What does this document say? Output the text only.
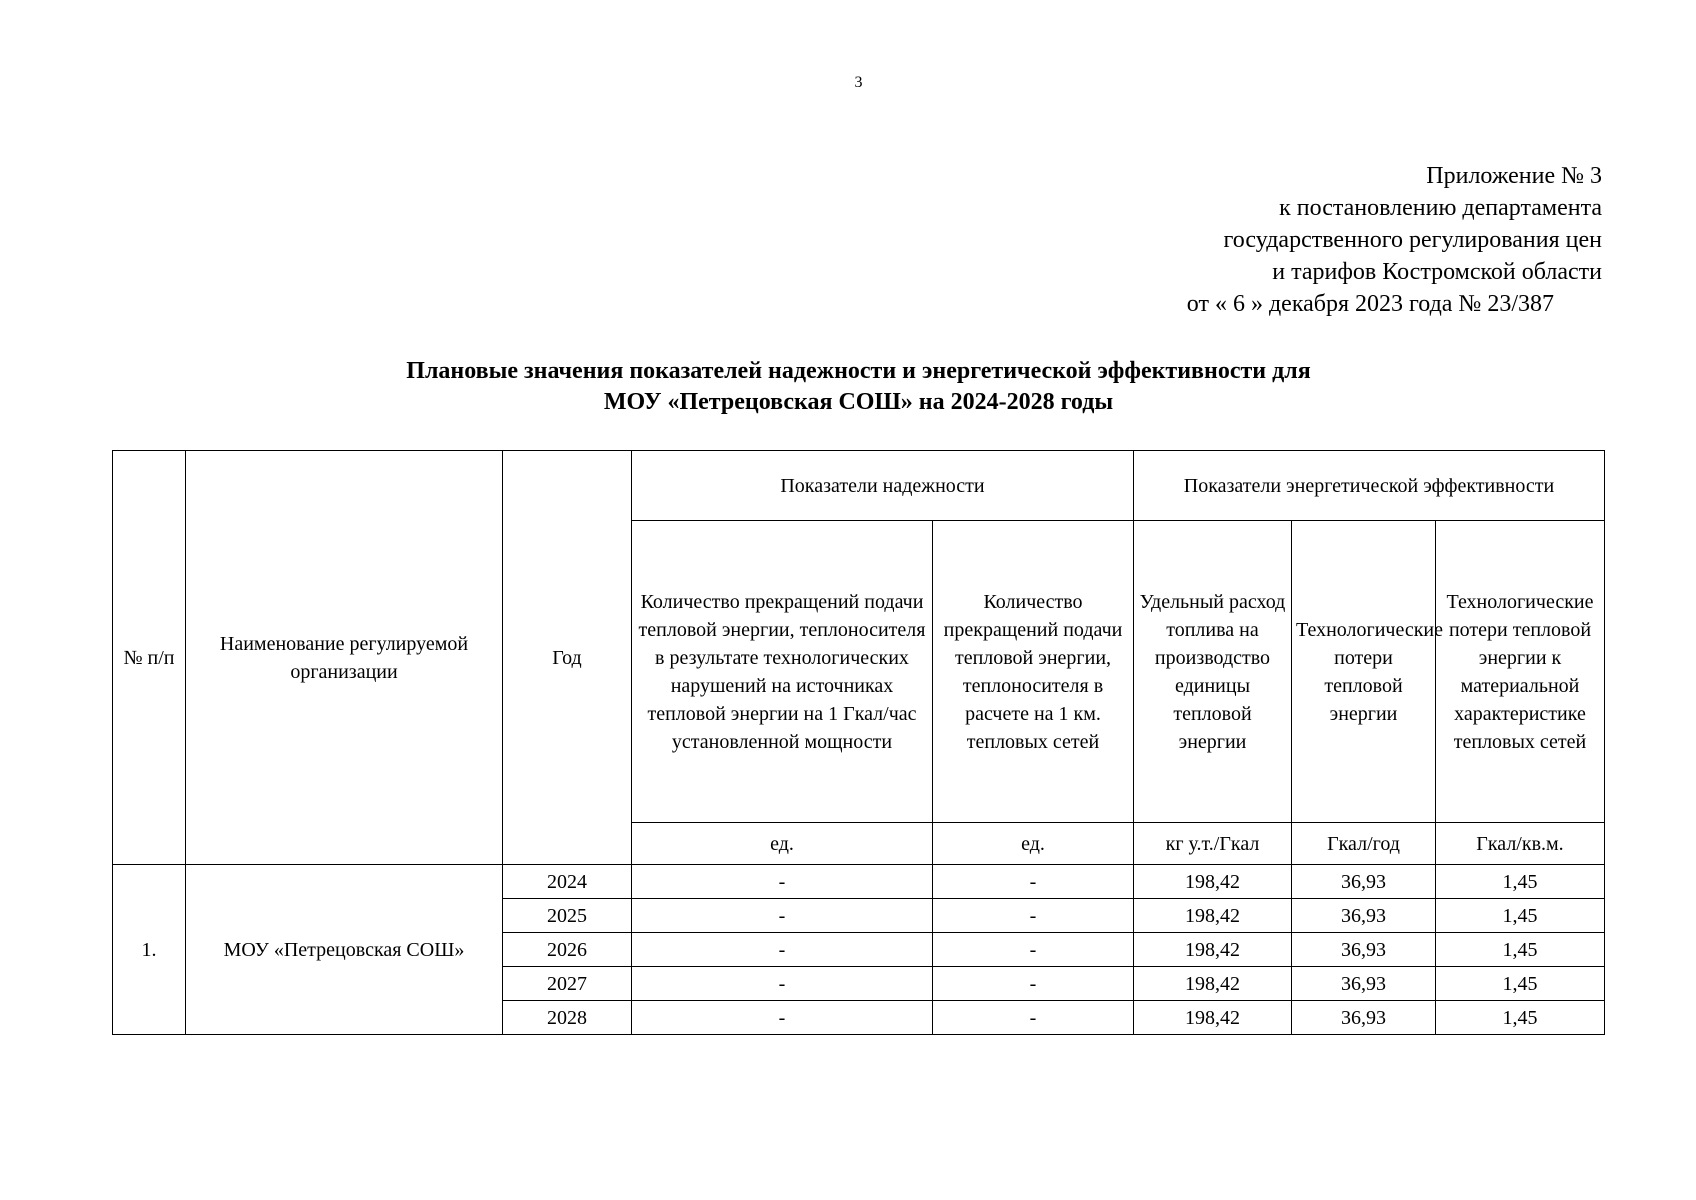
3
Приложение № 3
к постановлению департамента
государственного регулирования цен
и тарифов Костромской области
от « 6 » декабря 2023 года № 23/387
Плановые значения показателей надежности и энергетической эффективности для
МОУ «Петрецовская СОШ» на 2024-2028 годы
№ п/п	Наименование регулируемой организации	Год	Показатели надежности		Показатели энергетической эффективности		
			Количество прекращений подачи тепловой энергии, теплоносителя в результате технологических нарушений на источниках тепловой энергии на 1 Гкал/час установленной мощности	Количество прекращений подачи тепловой энергии, теплоносителя в расчете на 1 км. тепловых сетей	Удельный расход топлива на производство единицы тепловой энергии	Технологические потери тепловой энергии	Технологические потери тепловой энергии к материальной характеристике тепловых сетей
			ед.	ед.	кг у.т./Гкал	Гкал/год	Гкал/кв.м.
1.	МОУ «Петрецовская СОШ»	2024	-	-	198,42	36,93	1,45
		2025	-	-	198,42	36,93	1,45
		2026	-	-	198,42	36,93	1,45
		2027	-	-	198,42	36,93	1,45
		2028	-	-	198,42	36,93	1,45
